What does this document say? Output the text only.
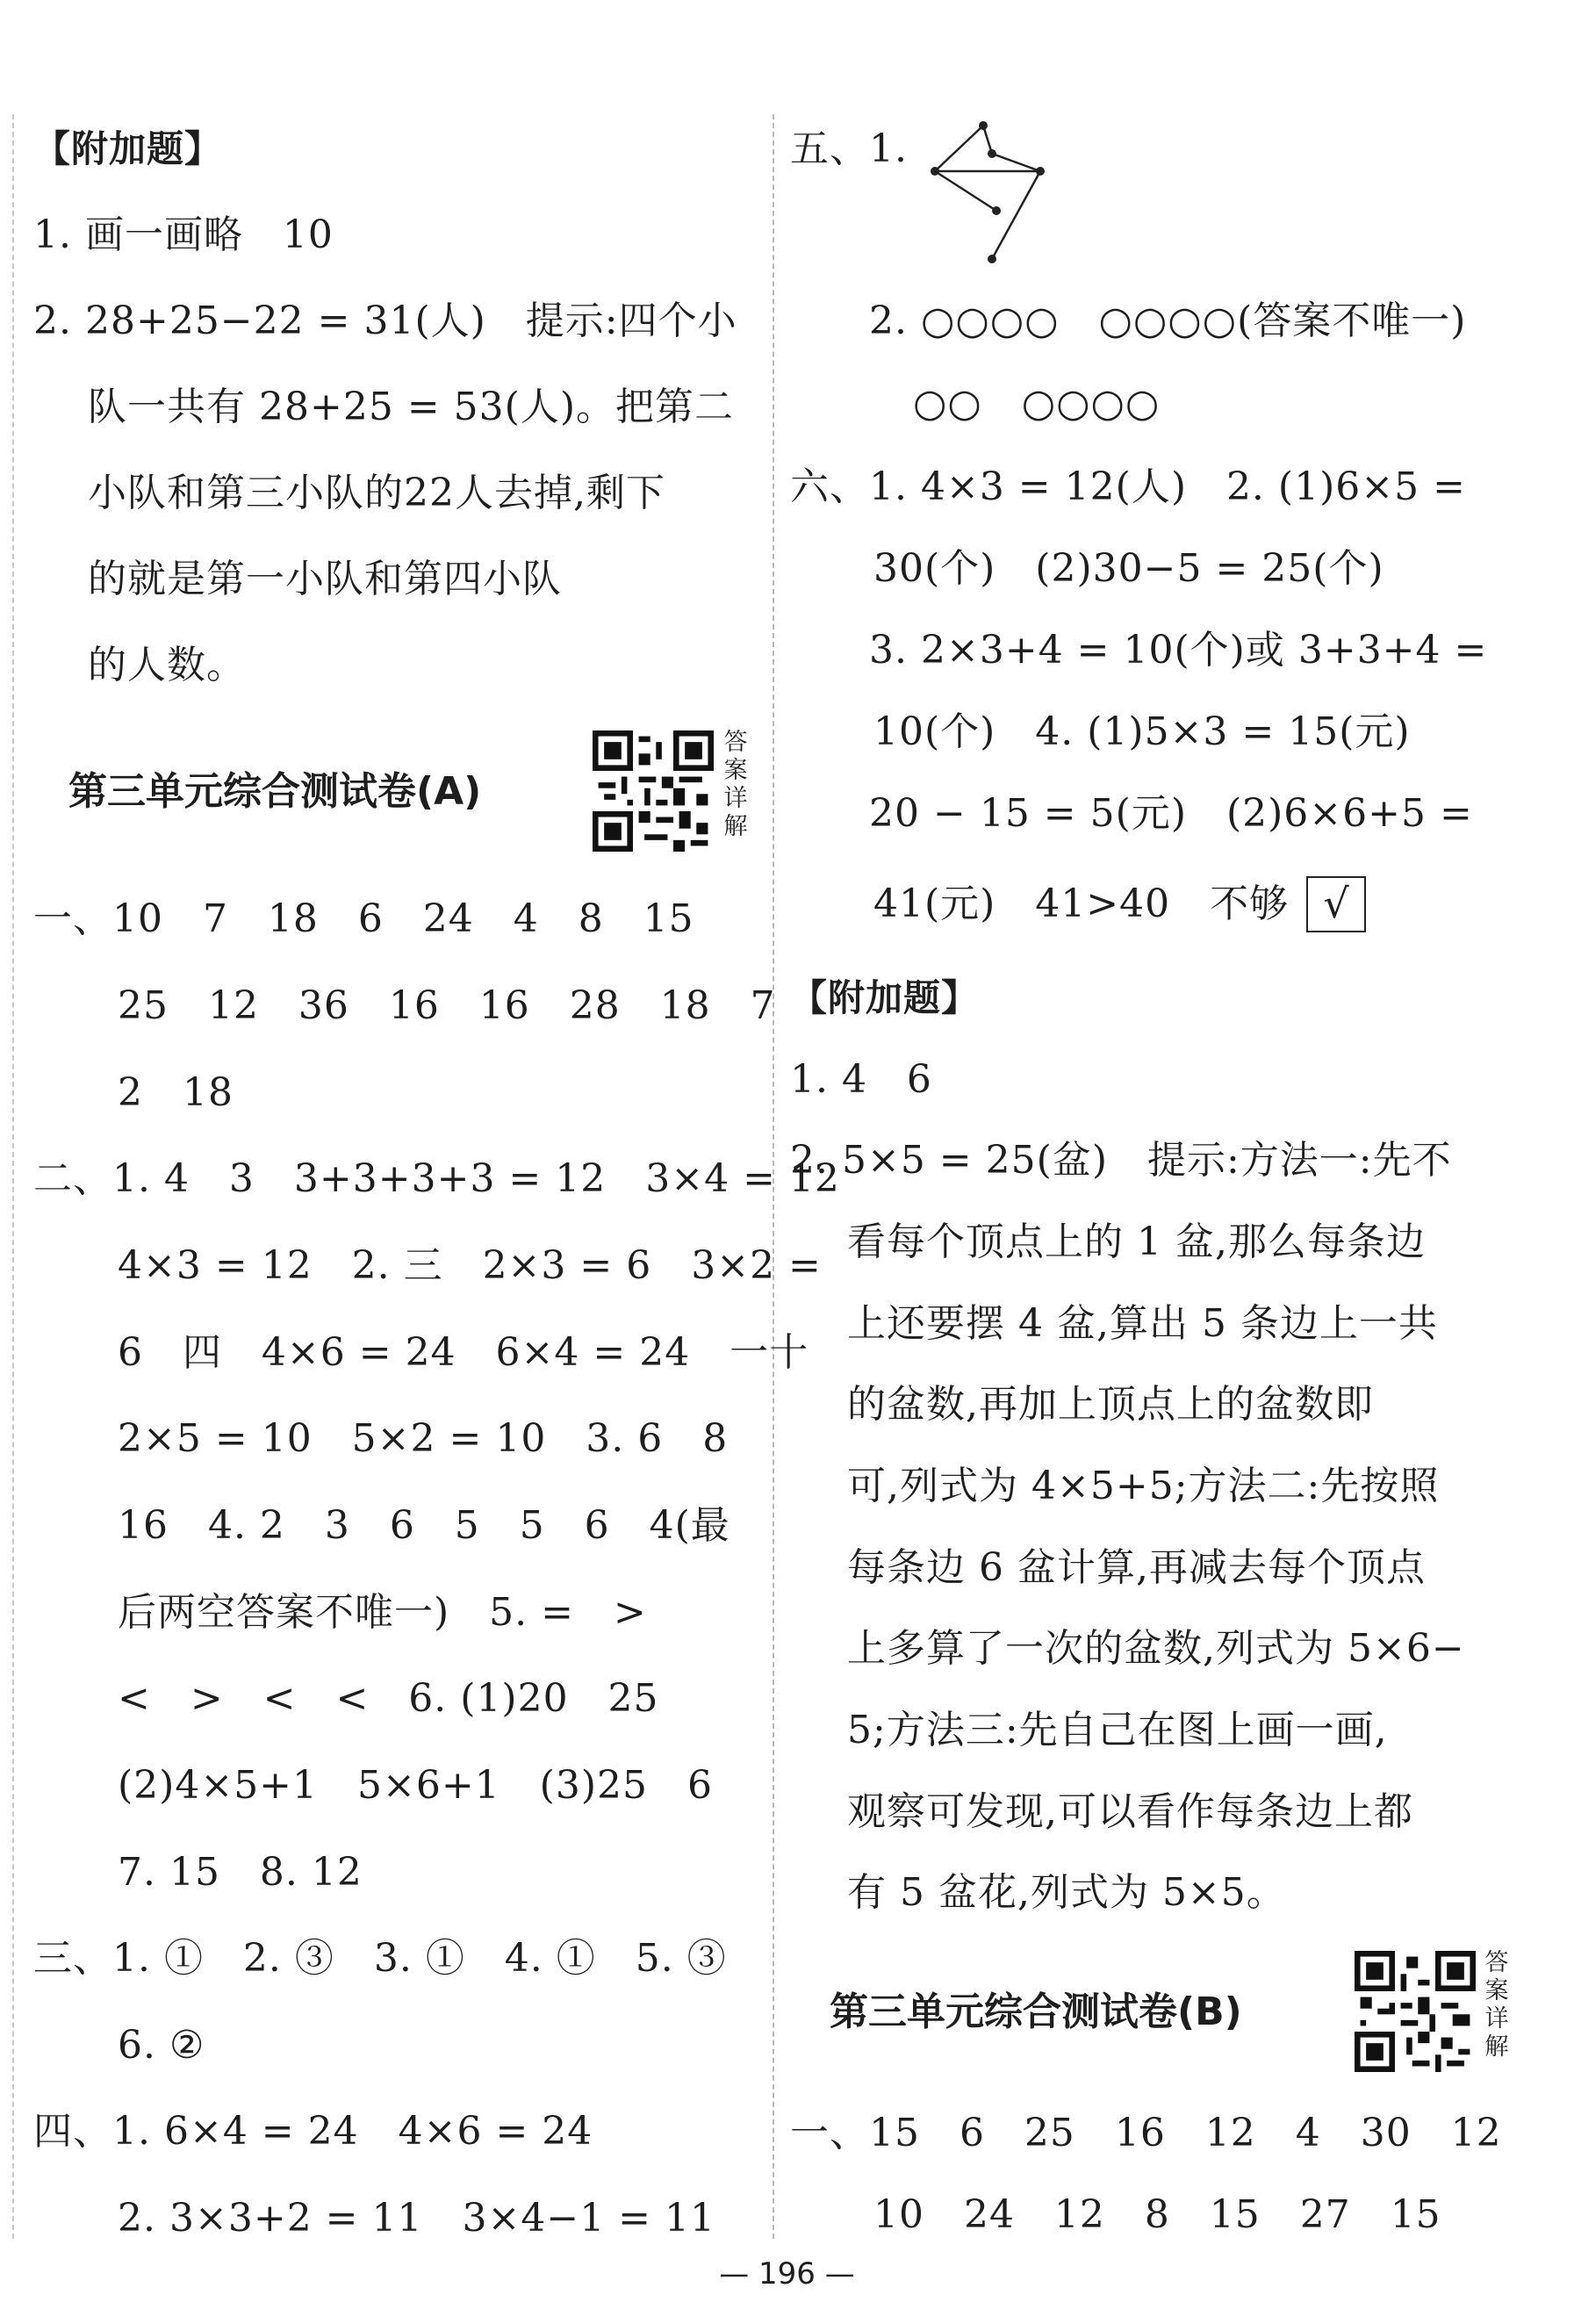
【附加题】
1. 画一画略   10
2. 28+25−22 = 31(人)   提示:四个小
队一共有 28+25 = 53(人)。把第二
小队和第三小队的22人去掉,剩下
的就是第一小队和第四小队
的人数。
第三单元综合测试卷(A)
答案详解
一、10   7   18   6   24   4   8   15
25   12   36   16   16   28   18   7
2   18
二、1. 4   3   3+3+3+3 = 12   3×4 = 12
4×3 = 12   2. 三   2×3 = 6   3×2 =
6   四   4×6 = 24   6×4 = 24   一十
2×5 = 10   5×2 = 10   3. 6   8
16   4. 2   3   6   5   5   6   4(最
后两空答案不唯一)   5. =   >
<   >   <   <   6. (1)20   25
(2)4×5+1   5×6+1   (3)25   6
7. 15   8. 12
三、1. ①   2. ③   3. ①   4. ①   5. ③
6. ②
四、1. 6×4 = 24   4×6 = 24
2. 3×3+2 = 11   3×4−1 = 11
五、1.
2. ○○○○   ○○○○(答案不唯一)
○○   ○○○○
六、1. 4×3 = 12(人)   2. (1)6×5 =
30(个)   (2)30−5 = 25(个)
3. 2×3+4 = 10(个)或 3+3+4 =
10(个)   4. (1)5×3 = 15(元)
20 − 15 = 5(元)   (2)6×6+5 =
41(元)   41>40   不够 √
【附加题】
1. 4   6
2. 5×5 = 25(盆)   提示:方法一:先不
看每个顶点上的 1 盆,那么每条边
上还要摆 4 盆,算出 5 条边上一共
的盆数,再加上顶点上的盆数即
可,列式为 4×5+5;方法二:先按照
每条边 6 盆计算,再减去每个顶点
上多算了一次的盆数,列式为 5×6−
5;方法三:先自己在图上画一画,
观察可发现,可以看作每条边上都
有 5 盆花,列式为 5×5。
第三单元综合测试卷(B)
答案详解
一、15   6   25   16   12   4   30   12
10   24   12   8   15   27   15
— 196 —
